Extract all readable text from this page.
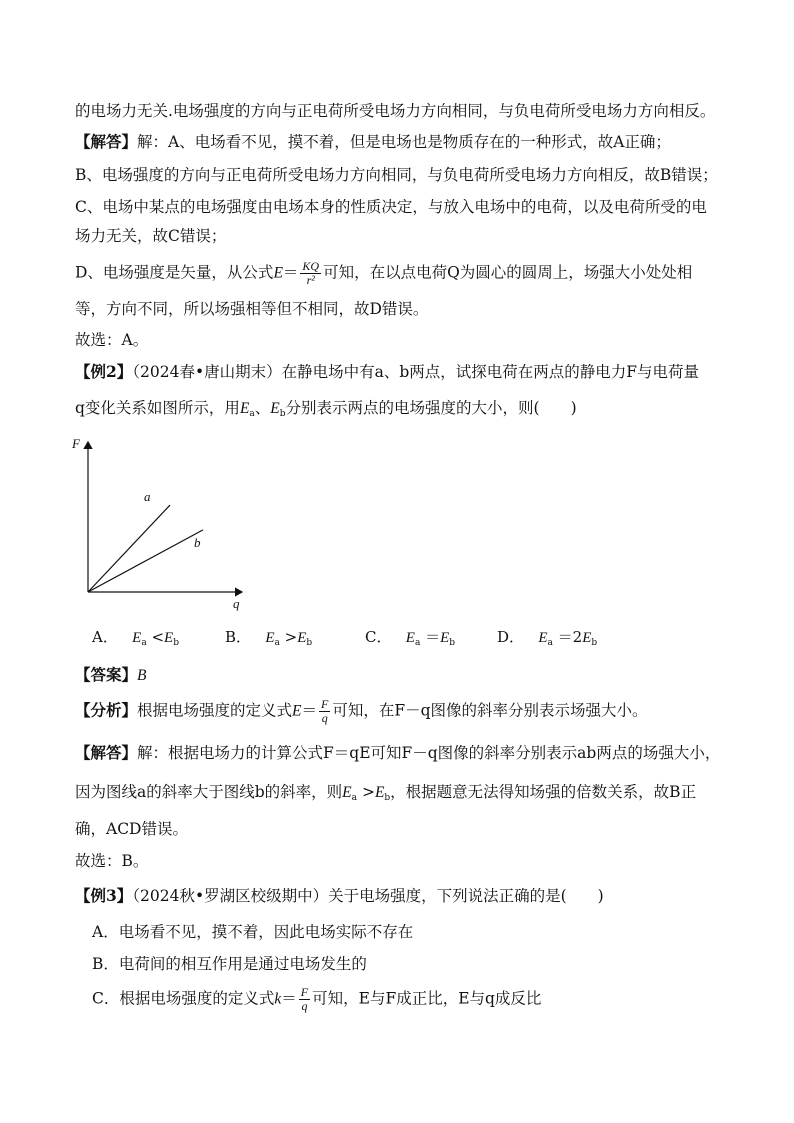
的电场力无关.电场强度的方向与正电荷所受电场力方向相同，与负电荷所受电场力方向相反。
【解答】解：A、电场看不见，摸不着，但是电场也是物质存在的一种形式，故A正确；
B、电场强度的方向与正电荷所受电场力方向相同，与负电荷所受电场力方向相反，故B错误；
C、电场中某点的电场强度由电场本身的性质决定，与放入电场中的电荷，以及电荷所受的电
场力无关，故C错误；
D、电场强度是矢量，从公式$E= \frac{KQ}{\text{r²}}$ 可知，在以点电荷Q为圆心的圆周上，场强大小处处相
等，方向不同，所以场强相等但不相同，故D错误。
故选：A。
【例2】（2024春•唐山期末）在静电场中有a、b两点，试探电荷在两点的静电力F与电荷量
q变化关系如图所示，用$E_a$、$E_b$分别表示两点的电场强度的大小，则(　　)
F
q
a
b
A．   $E_a <E_b$	B．   $E_a >E_b$	C．   $E_a =E_b$	D．   $E_a =2E_b$
【答案】B
【分析】根据电场强度的定义式$E= \frac{F}{q}$ 可知，在F－q图像的斜率分别表示场强大小。
【解答】解：根据电场力的计算公式F＝qE可知F－q图像的斜率分别表示ab两点的场强大小，
因为图线a的斜率大于图线b的斜率，则$E_a >E_b$，根据题意无法得知场强的倍数关系，故B正
确，ACD错误。
故选：B。
【例3】（2024秋•罗湖区校级期中）关于电场强度，下列说法正确的是(　　)
A．电场看不见，摸不着，因此电场实际不存在
B．电荷间的相互作用是通过电场发生的
C．根据电场强度的定义式$k= \frac{F}{q}$ 可知，E与F成正比，E与q成反比
